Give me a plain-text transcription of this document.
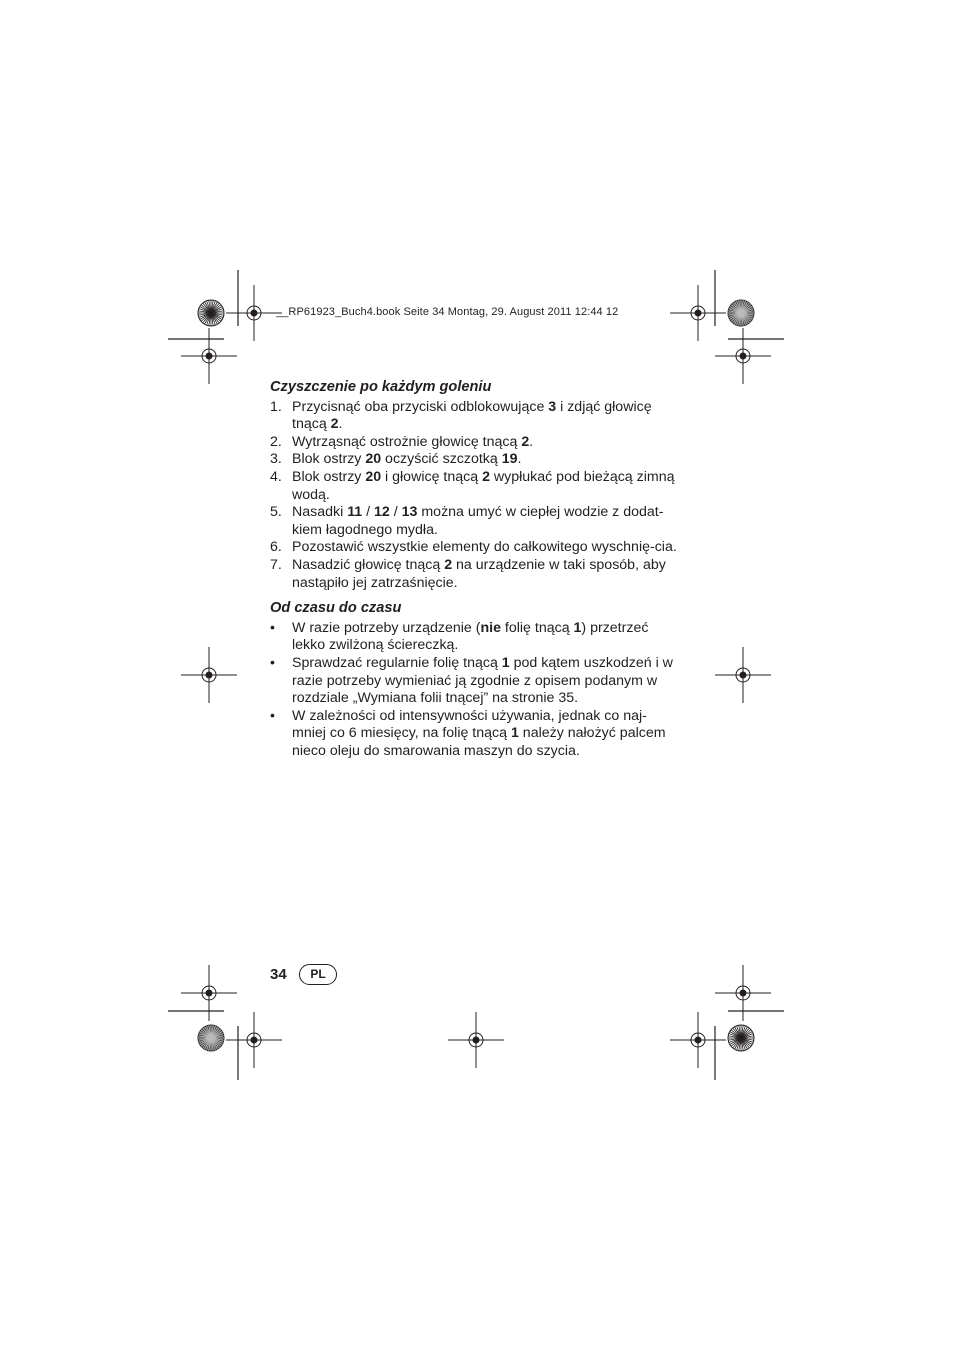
__RP61923_Buch4.book Seite 34 Montag, 29. August 2011 12:44 12
Czyszczenie po każdym goleniu
1. Przycisnąć oba przyciski odblokowujące 3 i zdjąć głowicę tnącą 2.
2. Wytrząsnąć ostrożnie głowicę tnącą 2.
3. Blok ostrzy 20 oczyścić szczotką 19.
4. Blok ostrzy 20 i głowicę tnącą 2 wypłukać pod bieżącą zimną wodą.
5. Nasadki 11 / 12 / 13 można umyć w ciepłej wodzie z dodat-kiem łagodnego mydła.
6. Pozostawić wszystkie elementy do całkowitego wyschnię-cia.
7. Nasadzić głowicę tnącą 2 na urządzenie w taki sposób, aby nastąpiło jej zatrzaśnięcie.
Od czasu do czasu
• W razie potrzeby urządzenie (nie folię tnącą 1) przetrzeć lekko zwilżoną ściereczką.
• Sprawdzać regularnie folię tnącą 1 pod kątem uszkodzeń i w razie potrzeby wymieniać ją zgodnie z opisem podanym w rozdziale „Wymiana folii tnącej” na stronie 35.
• W zależności od intensywności używania, jednak co naj-mniej co 6 miesięcy, na folię tnącą 1 należy nałożyć palcem nieco oleju do smarowania maszyn do szycia.
34	PL
